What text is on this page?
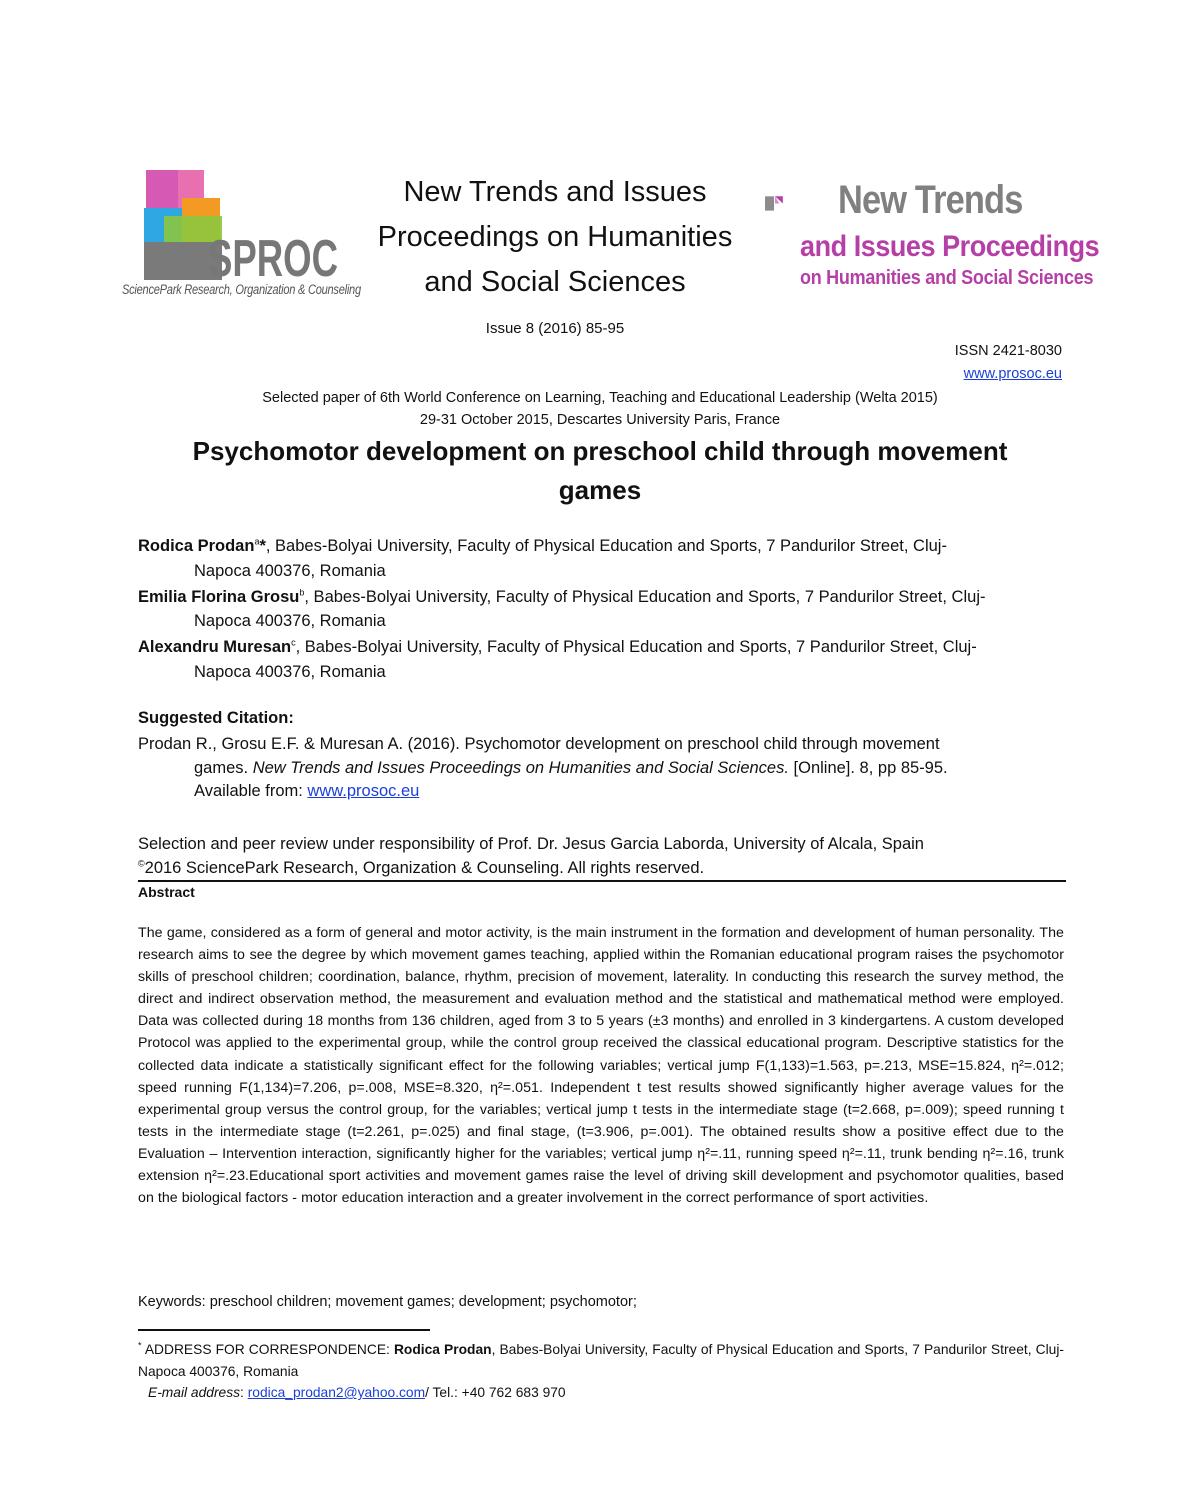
SPROC
SciencePark Research, Organization & Counseling
New Trends and Issues
Proceedings on Humanities
and Social Sciences
New Trends
and Issues Proceedings
on Humanities and Social Sciences
Issue 8 (2016) 85-95
ISSN 2421-8030
www.prosoc.eu
Selected paper of 6th World Conference on Learning, Teaching and Educational Leadership (Welta 2015)
29-31 October 2015, Descartes University Paris, France
Psychomotor development on preschool child through movement
games
Rodica Prodan$^a$*, Babes-Bolyai University, Faculty of Physical Education and Sports, 7 Pandurilor Street, Cluj-
Napoca 400376, Romania
Emilia Florina Grosu$^b$, Babes-Bolyai University, Faculty of Physical Education and Sports, 7 Pandurilor Street, Cluj-
Napoca 400376, Romania
Alexandru Muresan$^c$, Babes-Bolyai University, Faculty of Physical Education and Sports, 7 Pandurilor Street, Cluj-
Napoca 400376, Romania
Suggested Citation:
Prodan R., Grosu E.F. & Muresan A. (2016). Psychomotor development on preschool child through movement
games. New Trends and Issues Proceedings on Humanities and Social Sciences. [Online]. 8, pp 85-95.
Available from: www.prosoc.eu
Selection and peer review under responsibility of Prof. Dr. Jesus Garcia Laborda, University of Alcala, Spain
©2016 SciencePark Research, Organization & Counseling. All rights reserved.
Abstract
The game, considered as a form of general and motor activity, is the main instrument in the formation and development of human personality. The research aims to see the degree by which movement games teaching, applied within the Romanian educational program raises the psychomotor skills of preschool children; coordination, balance, rhythm, precision of movement, laterality. In conducting this research the survey method, the direct and indirect observation method, the measurement and evaluation method and the statistical and mathematical method were employed. Data was collected during 18 months from 136 children, aged from 3 to 5 years (±3 months) and enrolled in 3 kindergartens. A custom developed Protocol was applied to the experimental group, while the control group received the classical educational program. Descriptive statistics for the collected data indicate a statistically significant effect for the following variables; vertical jump F(1,133)=1.563, p=.213, MSE=15.824, η²=.012; speed running F(1,134)=7.206, p=.008, MSE=8.320, η²=.051. Independent t test results showed significantly higher average values for the experimental group versus the control group, for the variables; vertical jump t tests in the intermediate stage (t=2.668, p=.009); speed running t tests in the intermediate stage (t=2.261, p=.025) and final stage, (t=3.906, p=.001). The obtained results show a positive effect due to the Evaluation – Intervention interaction, significantly higher for the variables; vertical jump η²=.11, running speed η²=.11, trunk bending η²=.16, trunk extension η²=.23.Educational sport activities and movement games raise the level of driving skill development and psychomotor qualities, based on the biological factors - motor education interaction and a greater involvement in the correct performance of sport activities.
Keywords: preschool children; movement games; development; psychomotor;
* ADDRESS FOR CORRESPONDENCE: Rodica Prodan, Babes-Bolyai University, Faculty of Physical Education and Sports, 7 Pandurilor Street, Cluj-Napoca 400376, Romania
E-mail address: rodica_prodan2@yahoo.com/ Tel.: +40 762 683 970
